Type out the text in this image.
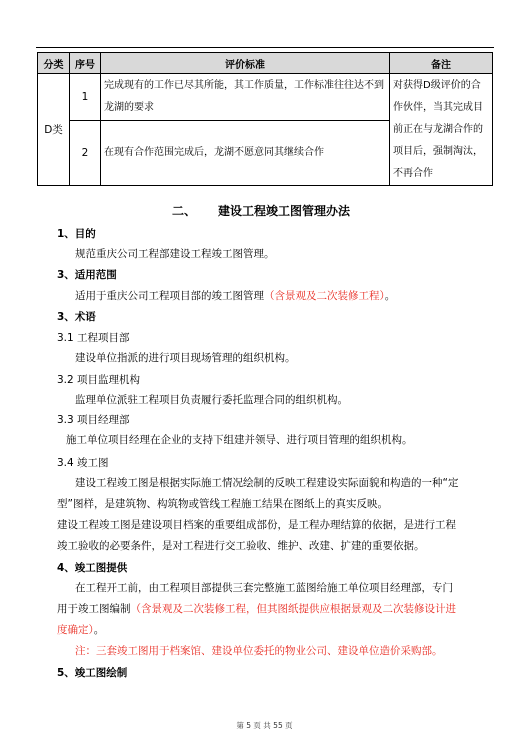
分类	序号	评价标准	备注
D类	1	完成现有的工作已尽其所能，其工作质量，工作标准往往达不到龙湖的要求	对获得D级评价的合作伙伴，当其完成目前正在与龙湖合作的项目后，强制淘汰，不再合作
	2	在现有合作范围完成后，龙湖不愿意同其继续合作	
二、 建设工程竣工图管理办法
1、目的
规范重庆公司工程部建设工程竣工图管理。
3、适用范围
适用于重庆公司工程项目部的竣工图管理（含景观及二次装修工程）。
3、术语
3.1 工程项目部
建设单位指派的进行项目现场管理的组织机构。
3.2 项目监理机构
监理单位派驻工程项目负责履行委托监理合同的组织机构。
3.3 项目经理部
施工单位项目经理在企业的支持下组建并领导、进行项目管理的组织机构。
3.4 竣工图
建设工程竣工图是根据实际施工情况绘制的反映工程建设实际面貌和构造的一种“定
型”图样，是建筑物、构筑物或管线工程施工结果在图纸上的真实反映。
建设工程竣工图是建设项目档案的重要组成部份，是工程办理结算的依据，是进行工程
竣工验收的必要条件，是对工程进行交工验收、维护、改建、扩建的重要依据。
4、竣工图提供
在工程开工前，由工程项目部提供三套完整施工蓝图给施工单位项目经理部，专门
用于竣工图编制（含景观及二次装修工程，但其图纸提供应根据景观及二次装修设计进
度确定）。
注：三套竣工图用于档案馆、建设单位委托的物业公司、建设单位造价采购部。
5、竣工图绘制
第 5 页 共 55 页
